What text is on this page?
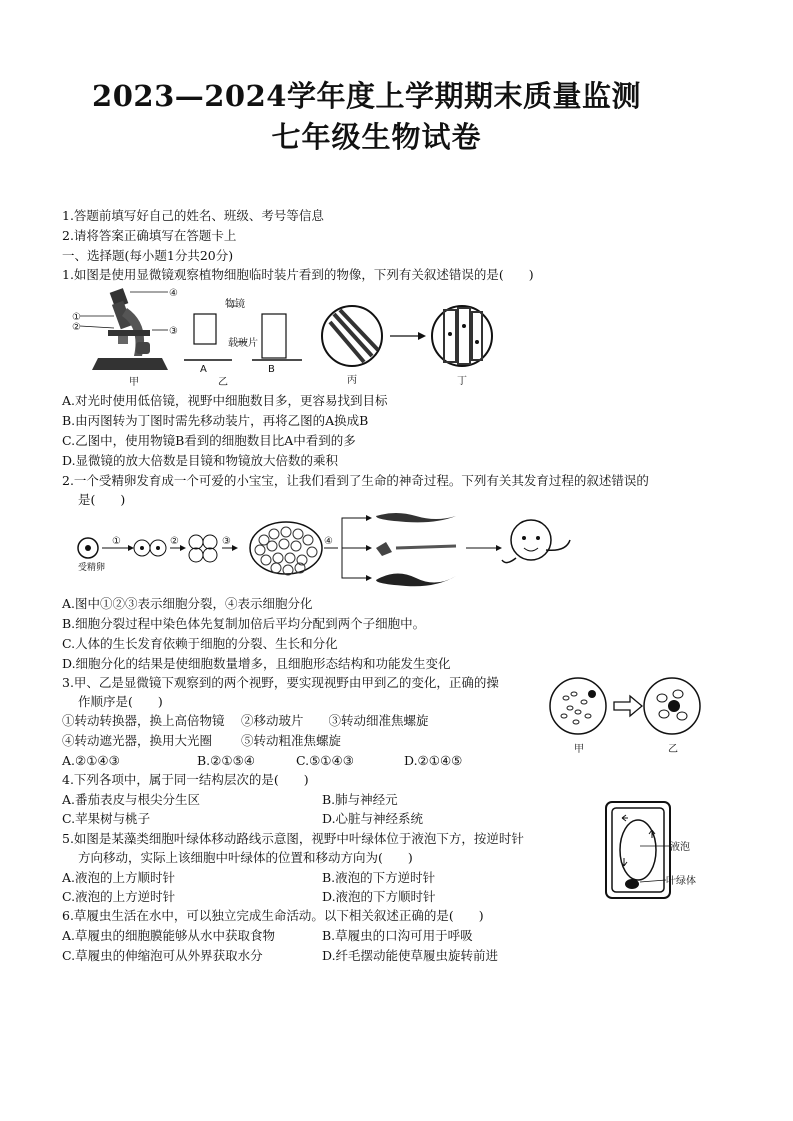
2023—2024学年度上学期期末质量监测
七年级生物试卷
1.答题前填写好自己的姓名、班级、考号等信息
2.请将答案正确填写在答题卡上
一、选择题(每小题1分共20分)
1.如图是使用显微镜观察植物细胞临时装片看到的物像，下列有关叙述错误的是(　　)
①
②	③
④
甲
物镜
载玻片
A	B
乙	丙	丁
A.对光时使用低倍镜，视野中细胞数目多，更容易找到目标
B.由丙图转为丁图时需先移动装片，再将乙图的A换成B
C.乙图中，使用物镜B看到的细胞数目比A中看到的多
D.显微镜的放大倍数是目镜和物镜放大倍数的乘积
2.一个受精卵发育成一个可爱的小宝宝，让我们看到了生命的神奇过程。下列有关其发育过程的叙述错误的
是(　　)
受精卵
①	②	③	④
A.图中①②③表示细胞分裂，④表示细胞分化
B.细胞分裂过程中染色体先复制加倍后平均分配到两个子细胞中。
C.人体的生长发育依赖于细胞的分裂、生长和分化
D.细胞分化的结果是使细胞数量增多，且细胞形态结构和功能发生变化
3.甲、乙是显微镜下观察到的两个视野，要实现视野由甲到乙的变化，正确的操
作顺序是(　　)
①转动转换器，换上高倍物镜　 ②移动玻片　　③转动细准焦螺旋
④转动遮光器，换用大光圈　　 ⑤转动粗准焦螺旋
甲	乙
A.②①④③	B.②①⑤④	C.⑤①④③	D.②①④⑤
4.下列各项中，属于同一结构层次的是(　　)
A.番茄表皮与根尖分生区	B.肺与神经元
C.苹果树与桃子	D.心脏与神经系统
5.如图是某藻类细胞叶绿体移动路线示意图，视野中叶绿体位于液泡下方，按逆时针
方向移动，实际上该细胞中叶绿体的位置和移动方向为(　　)
液泡
叶绿体
A.液泡的上方顺时针	B.液泡的下方逆时针
C.液泡的上方逆时针	D.液泡的下方顺时针
6.草履虫生活在水中，可以独立完成生命活动。以下相关叙述正确的是(　　)
A.草履虫的细胞膜能够从水中获取食物	B.草履虫的口沟可用于呼吸
C.草履虫的伸缩泡可从外界获取水分	D.纤毛摆动能使草履虫旋转前进
